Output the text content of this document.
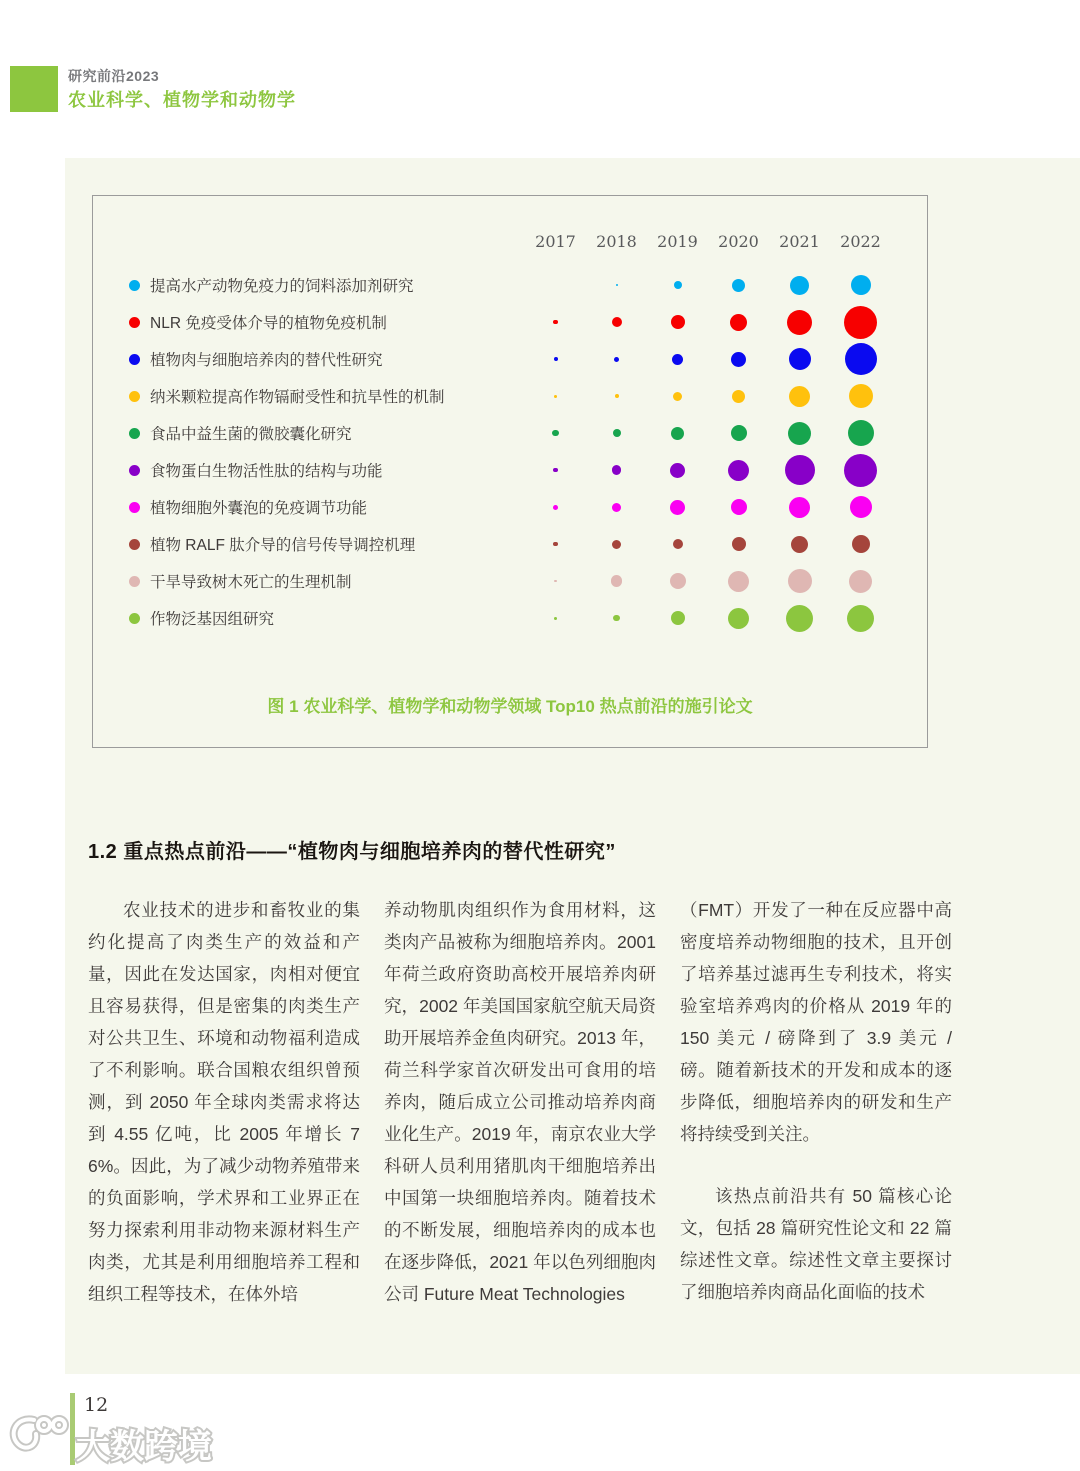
研究前沿2023
农业科学、植物学和动物学
2017	2018	2019	2020	2021	2022
提高水产动物免疫力的饲料添加剂研究
NLR 免疫受体介导的植物免疫机制
植物肉与细胞培养肉的替代性研究
纳米颗粒提高作物镉耐受性和抗旱性的机制
食品中益生菌的微胶囊化研究
食物蛋白生物活性肽的结构与功能
植物细胞外囊泡的免疫调节功能
植物 RALF 肽介导的信号传导调控机理
干旱导致树木死亡的生理机制
作物泛基因组研究
图 1 农业科学、植物学和动物学领域 Top10 热点前沿的施引论文
1.2 重点热点前沿——“植物肉与细胞培养肉的替代性研究”

农业技术的进步和畜牧业的集约化提高了肉类生产的效益和产量，因此在发达国家，肉相对便宜且容易获得，但是密集的肉类生产对公共卫生、环境和动物福利造成了不利影响。联合国粮农组织曾预测，到 2050 年全球肉类需求将达到 4.55 亿吨，比 2005 年增长 76%。因此，为了减少动物养殖带来的负面影响，学术界和工业界正在努力探索利用非动物来源材料生产肉类，尤其是利用细胞培养工程和组织工程等技术，在体外培

养动物肌肉组织作为食用材料，这类肉产品被称为细胞培养肉。2001 年荷兰政府资助高校开展培养肉研究，2002 年美国国家航空航天局资助开展培养金鱼肉研究。2013 年，荷兰科学家首次研发出可食用的培养肉，随后成立公司推动培养肉商业化生产。2019 年，南京农业大学科研人员利用猪肌肉干细胞培养出中国第一块细胞培养肉。随着技术的不断发展，细胞培养肉的成本也在逐步降低，2021 年以色列细胞肉公司 Future Meat Technologies

（FMT）开发了一种在反应器中高密度培养动物细胞的技术，且开创了培养基过滤再生专利技术，将实验室培养鸡肉的价格从 2019 年的 150 美元 / 磅降到了 3.9 美元 / 磅。随着新技术的开发和成本的逐步降低，细胞培养肉的研发和生产将持续受到关注。

该热点前沿共有 50 篇核心论文，包括 28 篇研究性论文和 22 篇综述性文章。综述性文章主要探讨了细胞培养肉商品化面临的技术

12
大数跨境
